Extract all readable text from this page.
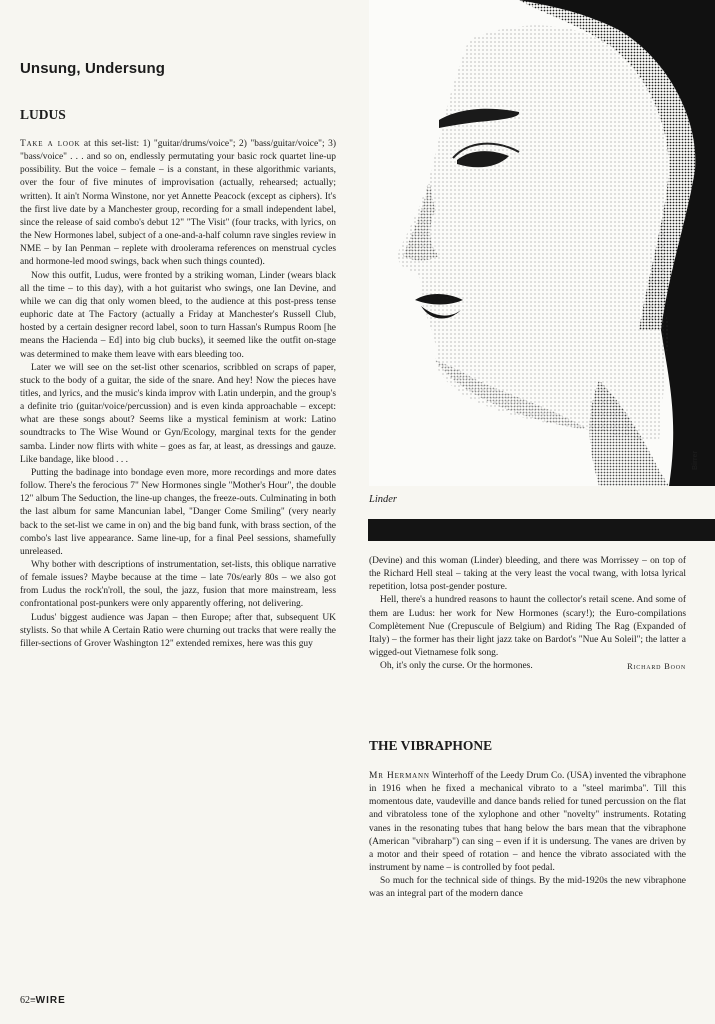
Unsung, Undersung
LUDUS

Take a look at this set-list: 1) "guitar/drums/voice"; 2) "bass/guitar/voice"; 3) "bass/voice" . . . and so on, endlessly permutating your basic rock quartet line-up possibility. But the voice – female – is a constant, in these algorithmic variants, over the four of five minutes of improvisation (actually, rehearsed; actually; written). It ain't Norma Winstone, nor yet Annette Peacock (except as ciphers). It's the first live date by a Manchester group, recording for a small independent label, since the release of said combo's debut 12" "The Visit" (four tracks, with lyrics, on the New Hormones label, subject of a one-and-a-half column rave singles review in NME – by Ian Penman – replete with droolerama references on menstrual cycles and hormone-led mood swings, back when such things counted).

Now this outfit, Ludus, were fronted by a striking woman, Linder (wears black all the time – to this day), with a hot guitarist who swings, one Ian Devine, and while we can dig that only women bleed, to the audience at this post-press tense euphoric date at The Factory (actually a Friday at Manchester's Russell Club, hosted by a certain designer record label, soon to turn Hassan's Rumpus Room [he means the Hacienda – Ed] into big club bucks), it seemed like the outfit on-stage was determined to make them leave with ears bleeding too.

Later we will see on the set-list other scenarios, scribbled on scraps of paper, stuck to the body of a guitar, the side of the snare. And hey! Now the pieces have titles, and lyrics, and the music's kinda improv with Latin underpin, and the group's a definite trio (guitar/voice/percussion) and is even kinda approachable – except: what are these songs about? Seems like a mystical feminism at work: Latino soundtracks to The Wise Wound or Gyn/Ecology, marginal texts for the gender samba. Linder now flirts with white – goes as far, at least, as dressings and gauze. Like bandage, like blood . . .

Putting the badinage into bondage even more, more recordings and more dates follow. There's the ferocious 7" New Hormones single "Mother's Hour", the double 12" album The Seduction, the line-up changes, the freeze-outs. Culminating in both the last album for same Mancunian label, "Danger Come Smiling" (very nearly back to the set-list we came in on) and the big band funk, with brass section, of the combo's last live appearance. Same line-up, for a final Peel sessions, shamefully unreleased.

Why bother with descriptions of instrumentation, set-lists, this oblique narrative of female issues? Maybe because at the time – late 70s/early 80s – we also got from Ludus the rock'n'roll, the soul, the jazz, fusion that more mainstream, less confrontational post-punkers were only apparently offering, not delivering.

Ludus' biggest audience was Japan – then Europe; after that, subsequent UK stylists. So that while A Certain Ratio were churning out tracks that were really the filler-sections of Grover Washington 12" extended remixes, here was this guy

Birrer

Linder

(Devine) and this woman (Linder) bleeding, and there was Morrissey – on top of the Richard Hell steal – taking at the very least the vocal twang, with lotsa lyrical repetition, lotsa post-gender posture.

Hell, there's a hundred reasons to haunt the collector's retail scene. And some of them are Ludus: her work for New Hormones (scary!); the Euro-compilations Complètement Nue (Crepuscule of Belgium) and Riding The Rag (Expanded of Italy) – the former has their light jazz take on Bardot's "Nue Au Soleil"; the latter a wigged-out Vietnamese folk song.

Oh, it's only the curse. Or the hormones.	Richard Boon

THE VIBRAPHONE

Mr Hermann Winterhoff of the Leedy Drum Co. (USA) invented the vibraphone in 1916 when he fixed a mechanical vibrato to a "steel marimba". Till this momentous date, vaudeville and dance bands relied for tuned percussion on the flat and vibratoless tone of the xylophone and other "novelty" instruments. Rotating vanes in the resonating tubes that hang below the bars mean that the vibraphone (American "vibraharp") can sing – even if it is undersung. The vanes are driven by a motor and their speed of rotation – and hence the vibrato associated with the instrument by name – is controlled by foot pedal.

So much for the technical side of things. By the mid-1920s the new vibraphone was an integral part of the modern dance

62≡WIRE
